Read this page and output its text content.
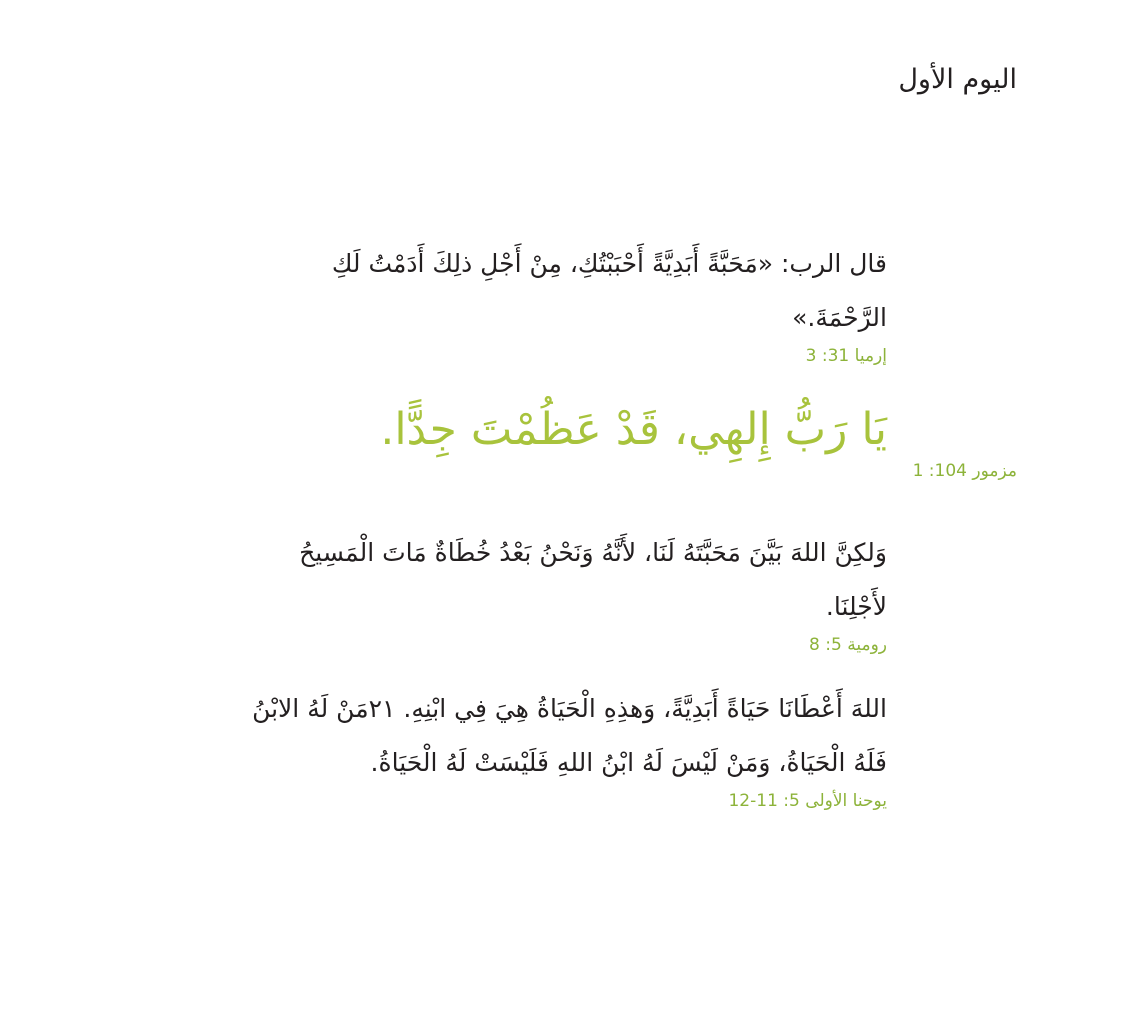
اليوم الأول

قال الرب: «مَحَبَّةً أَبَدِيَّةً أَحْبَبْتُكِ، مِنْ أَجْلِ ذلِكَ أَدَمْتُ لَكِ

الرَّحْمَةَ.»

إرميا 31: 3

يَا رَبُّ إِلهِي، قَدْ عَظُمْتَ جِدًّا.

مزمور 104: 1

وَلكِنَّ اللهَ بَيَّنَ مَحَبَّتَهُ لَنَا، لأَنَّهُ وَنَحْنُ بَعْدُ خُطَاةٌ مَاتَ الْمَسِيحُ

لأَجْلِنَا.

رومية 5: 8

اللهَ أَعْطَانَا حَيَاةً أَبَدِيَّةً، وَهذِهِ الْحَيَاةُ هِيَ فِي ابْنِهِ. ٢١مَنْ لَهُ الابْنُ

فَلَهُ الْحَيَاةُ، وَمَنْ لَيْسَ لَهُ ابْنُ اللهِ فَلَيْسَتْ لَهُ الْحَيَاةُ.

يوحنا الأولى 5: 11-12
